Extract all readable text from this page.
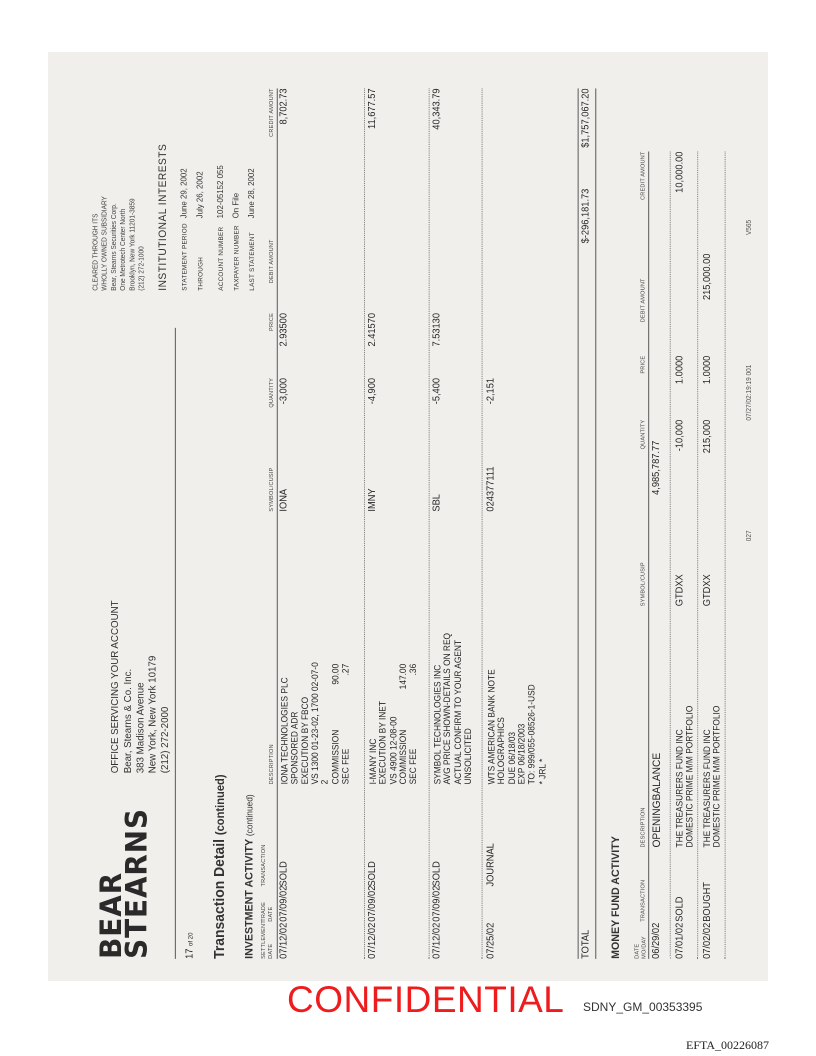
BEAR
STEARNS
OFFICE SERVICING YOUR ACCOUNT Bear, Stearns & Co. Inc. 383 Madison Avenue New York, New York 10179 (212) 272-2000
CLEARED THROUGH ITS WHOLLY OWNED SUBSIDIARY Bear, Stearns Securities Corp. One Metrotech Center North Brooklyn, New York 11201-3859 (212) 272-1000 INSTITUTIONAL INTERESTS STATEMENT PERIODJune 29, 2002
THROUGHJuly 26, 2002
ACCOUNT NUMBER102-05152 055
TAXPAYER NUMBEROn File
LAST STATEMENTJune 28, 2002
17 of 20 Transaction Detail (continued)
INVESTMENT ACTIVITY (continued)
SETTLEMENT DATE
TRADE DATE
TRANSACTION
DESCRIPTION
SYMBOL/CUSIP
QUANTITY
PRICE
DEBIT AMOUNT
CREDIT AMOUNT
07/12/02
07/09/02
SOLD
IONA TECHNOLOGIES PLC SPONSORED ADR EXECUTION BY FBCO VS 1300 01-23-02, 1700 02-07-0 2 COMMISSION90.00
SEC FEE.27
IONA
-3,000
2.93500
8,702.73
07/12/02
07/09/02
SOLD
I-MANY INC EXECUTION BY INET VS 4900 12-08-00 COMMISSION147.00
SEC FEE.36
IMNY
-4,900
2.41570
11,677.57
07/12/02
07/09/02
SOLD
SYMBOL TECHNOLOGIES INC AVG PRICE SHOWN-DETAILS ON REQ ACTUAL CONFIRM TO YOUR AGENT UNSOLICITED
SBL
-5,400
7.53130
40,343.79
07/25/02
JOURNAL
WTS AMERICAN BANK NOTE HOLOGRAPHICS DUE 06/18/03 EXP 06/18/2003 TO: 999/055-08526-1-USD * JRL *
024377111
-2,151
TOTAL
$-296,181.73
$1,757,067.20
MONEY FUND ACTIVITY DATE MO/DAY
TRANSACTION
DESCRIPTION
SYMBOL/CUSIP
QUANTITY
PRICE
DEBIT AMOUNT
CREDIT AMOUNT
06/29/02
OPENINGBALANCE
4,985,787.77
07/01/02
SOLD
THE TREASURERS FUND INC DOMESTIC PRIME M/M PORTFOLIO
GTDXX
-10,000
1.0000
10,000.00
07/02/02
BOUGHT
THE TREASURERS FUND INC DOMESTIC PRIME M/M PORTFOLIO
GTDXX
215,000
1.0000
215,000.00
027
07/27/02:19:19 001
V565
CONFIDENTIAL SDNY_GM_00353395
EFTA_00226087
